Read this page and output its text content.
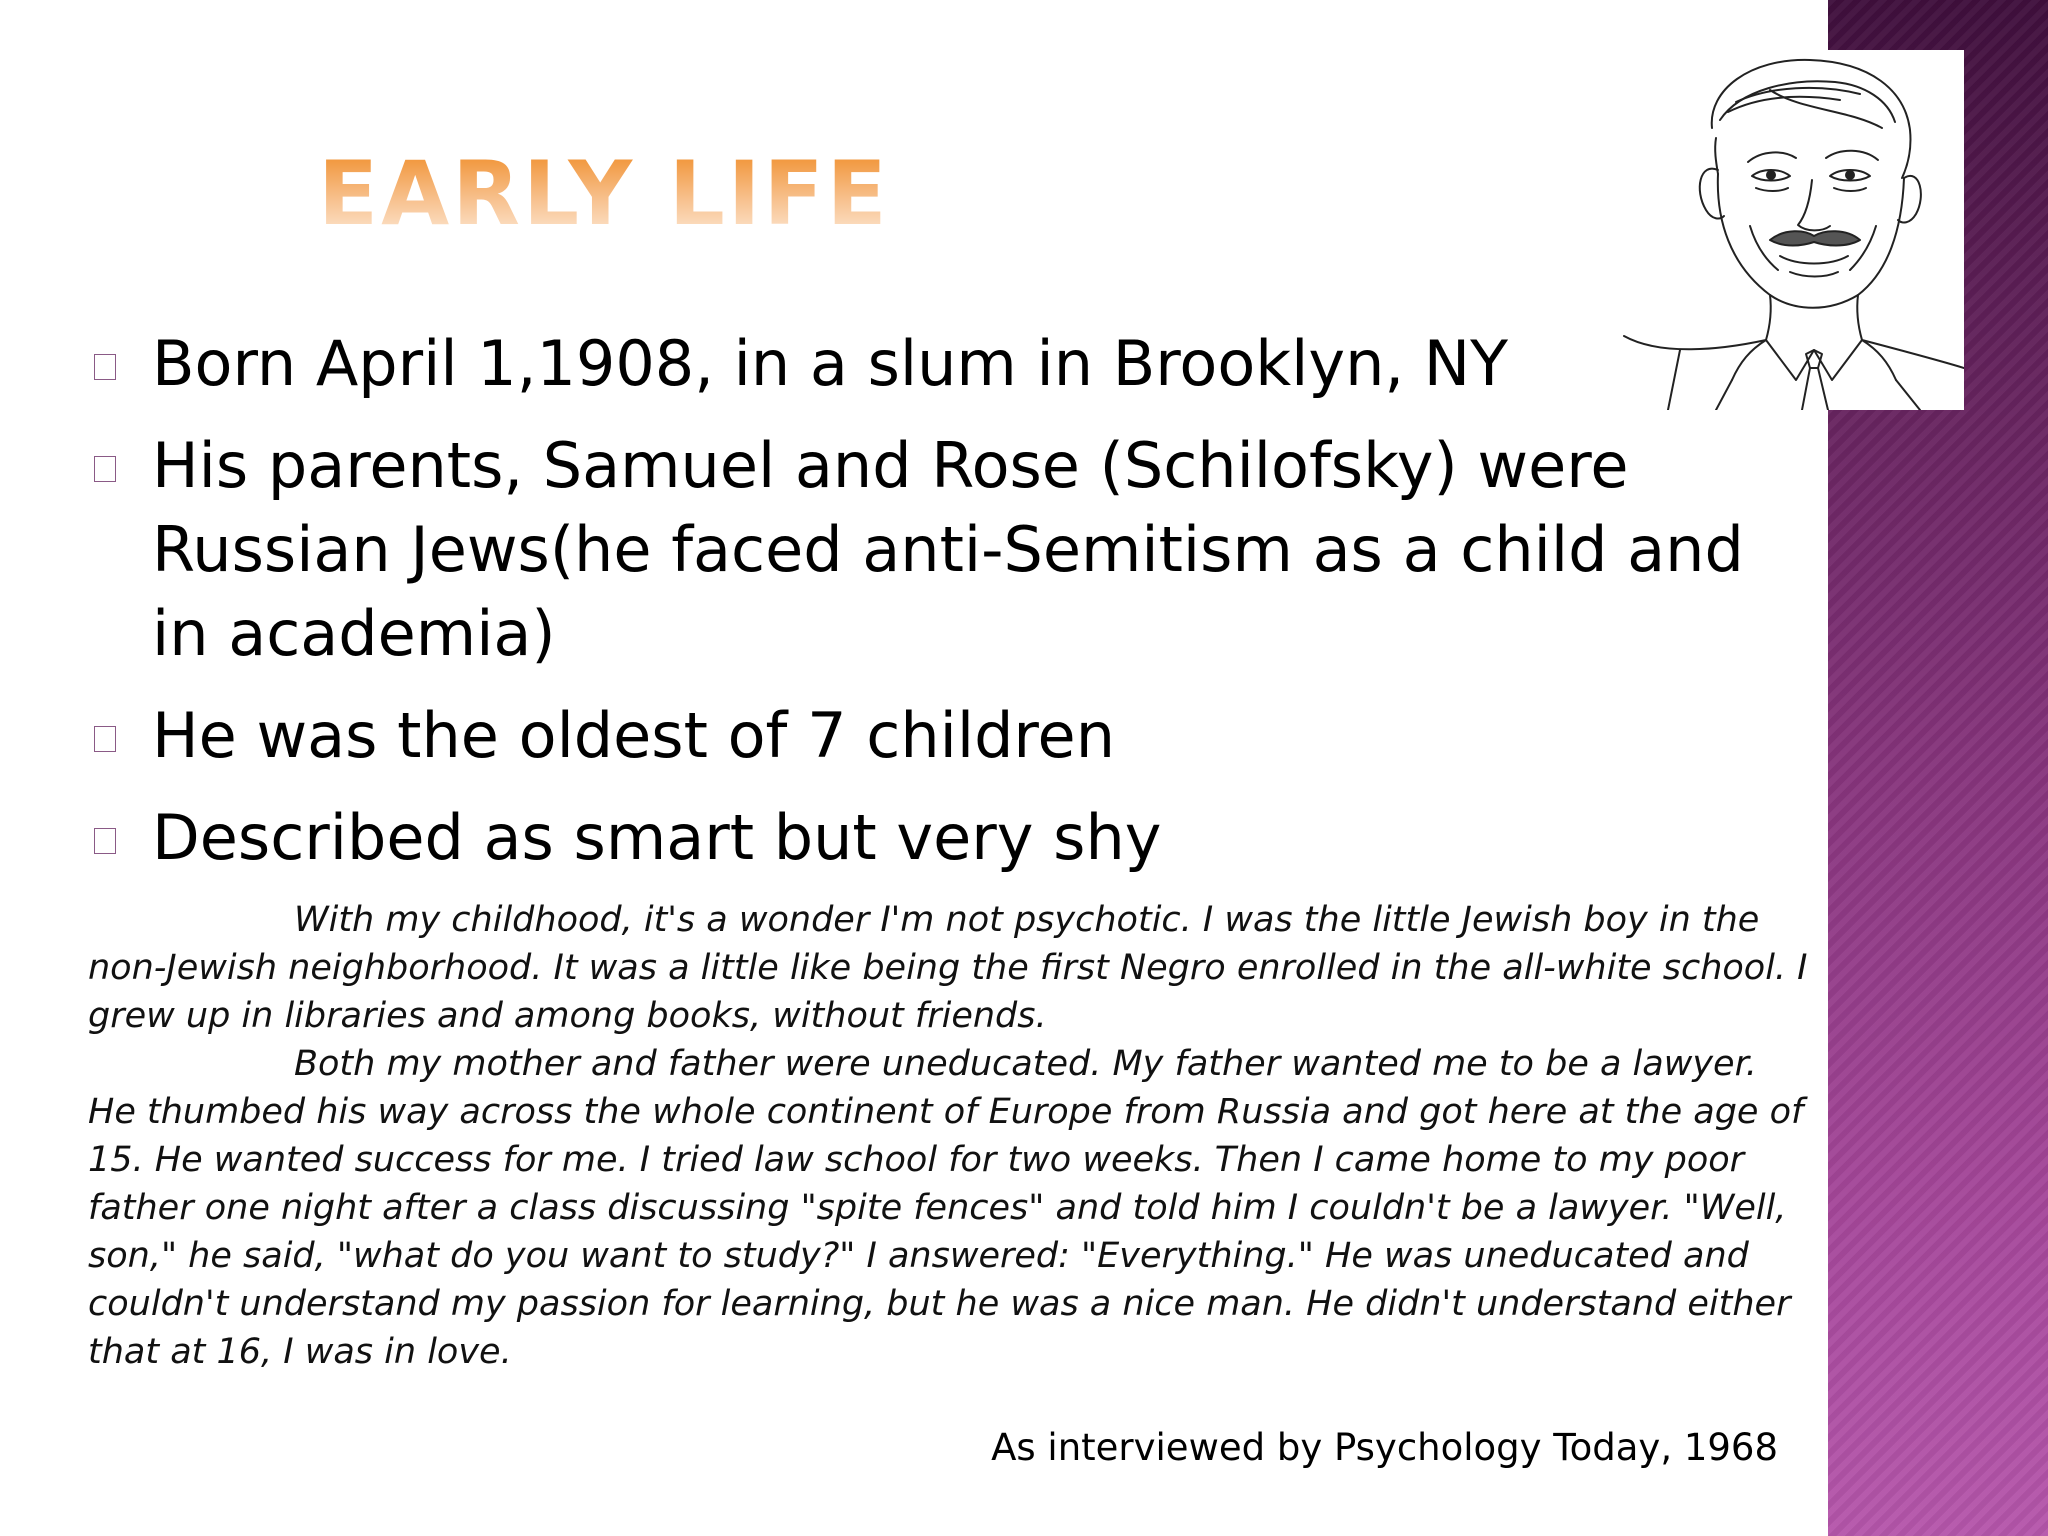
EARLY LIFE
Born April 1,1908, in a slum in Brooklyn, NY
His parents, Samuel and Rose (Schilofsky) were Russian Jews(he faced anti-Semitism as a child and in academia)
He was the oldest of 7 children
Described as smart but very shy

With my childhood, it's a wonder I'm not psychotic. I was the little Jewish boy in the non-Jewish neighborhood. It was a little like being the first Negro enrolled in the all-white school. I grew up in libraries and among books, without friends.

Both my mother and father were uneducated. My father wanted me to be a lawyer. He thumbed his way across the whole continent of Europe from Russia and got here at the age of 15. He wanted success for me. I tried law school for two weeks. Then I came home to my poor father one night after a class discussing "spite fences" and told him I couldn't be a lawyer. "Well, son," he said, "what do you want to study?" I answered: "Everything." He was uneducated and couldn't understand my passion for learning, but he was a nice man. He didn't understand either that at 16, I was in love.

As interviewed by Psychology Today, 1968
